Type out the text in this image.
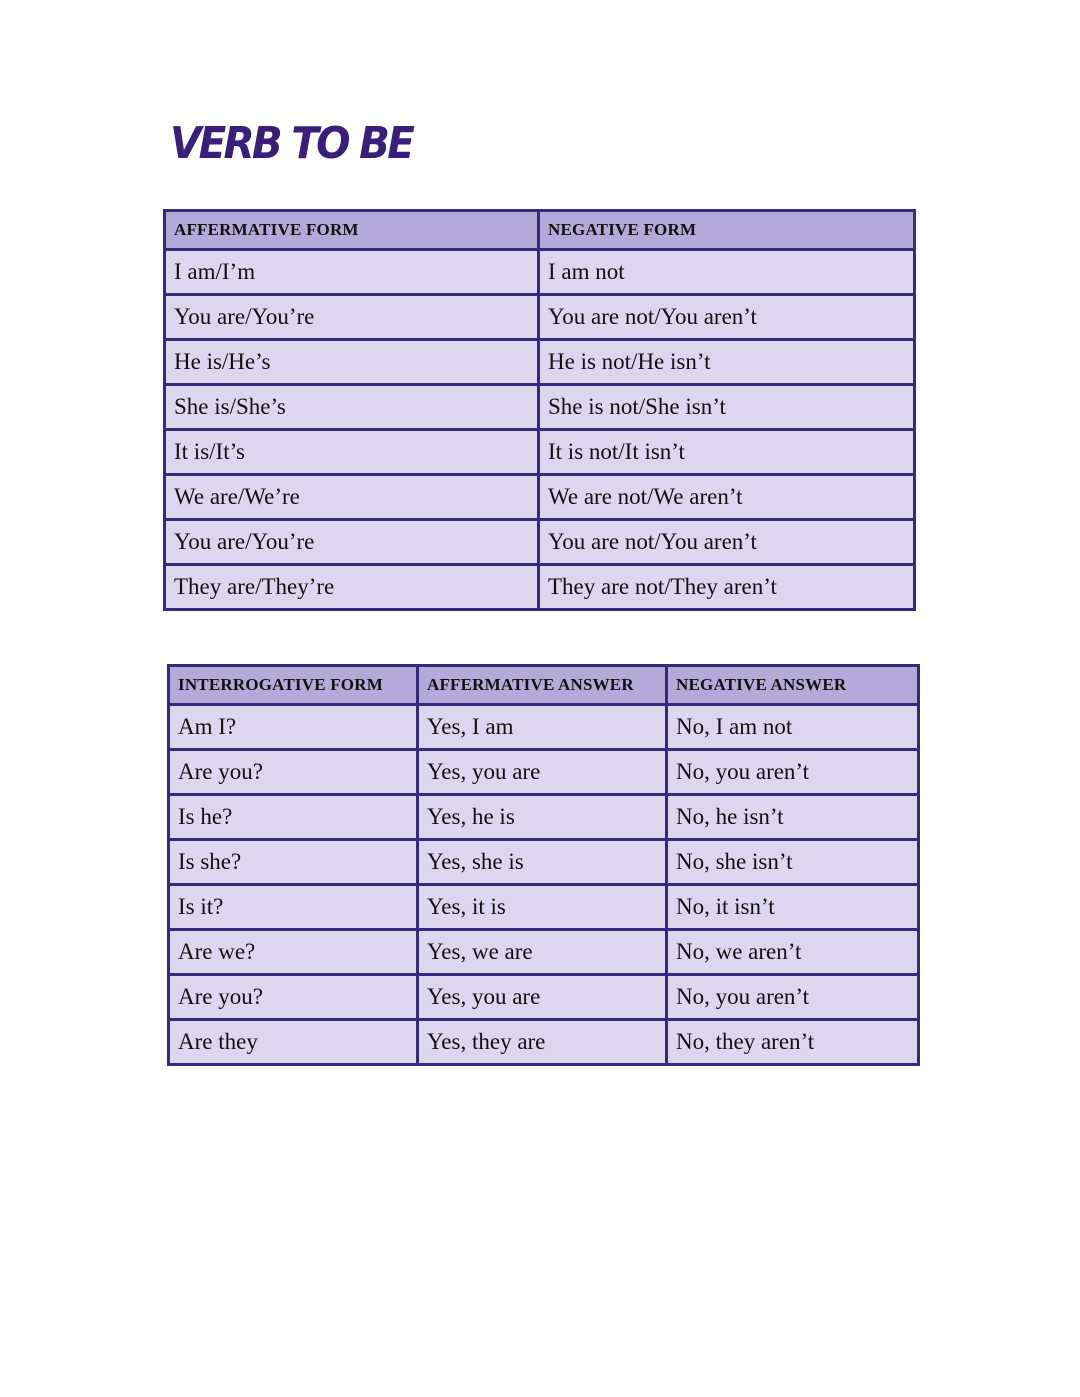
VERB TO BE
AFFERMATIVE FORM	NEGATIVE FORM
I am/I’m	I am not
You are/You’re	You are not/You aren’t
He is/He’s	He is not/He isn’t
She is/She’s	She is not/She isn’t
It is/It’s	It is not/It isn’t
We are/We’re	We are not/We aren’t
You are/You’re	You are not/You aren’t
They are/They’re	They are not/They aren’t
INTERROGATIVE FORM	AFFERMATIVE ANSWER	NEGATIVE ANSWER
Am I?	Yes, I am	No, I am not
Are you?	Yes, you are	No, you aren’t
Is he?	Yes, he is	No, he isn’t
Is she?	Yes, she is	No, she isn’t
Is it?	Yes, it is	No, it isn’t
Are we?	Yes, we are	No, we aren’t
Are you?	Yes, you are	No, you aren’t
Are they	Yes, they are	No, they aren’t
